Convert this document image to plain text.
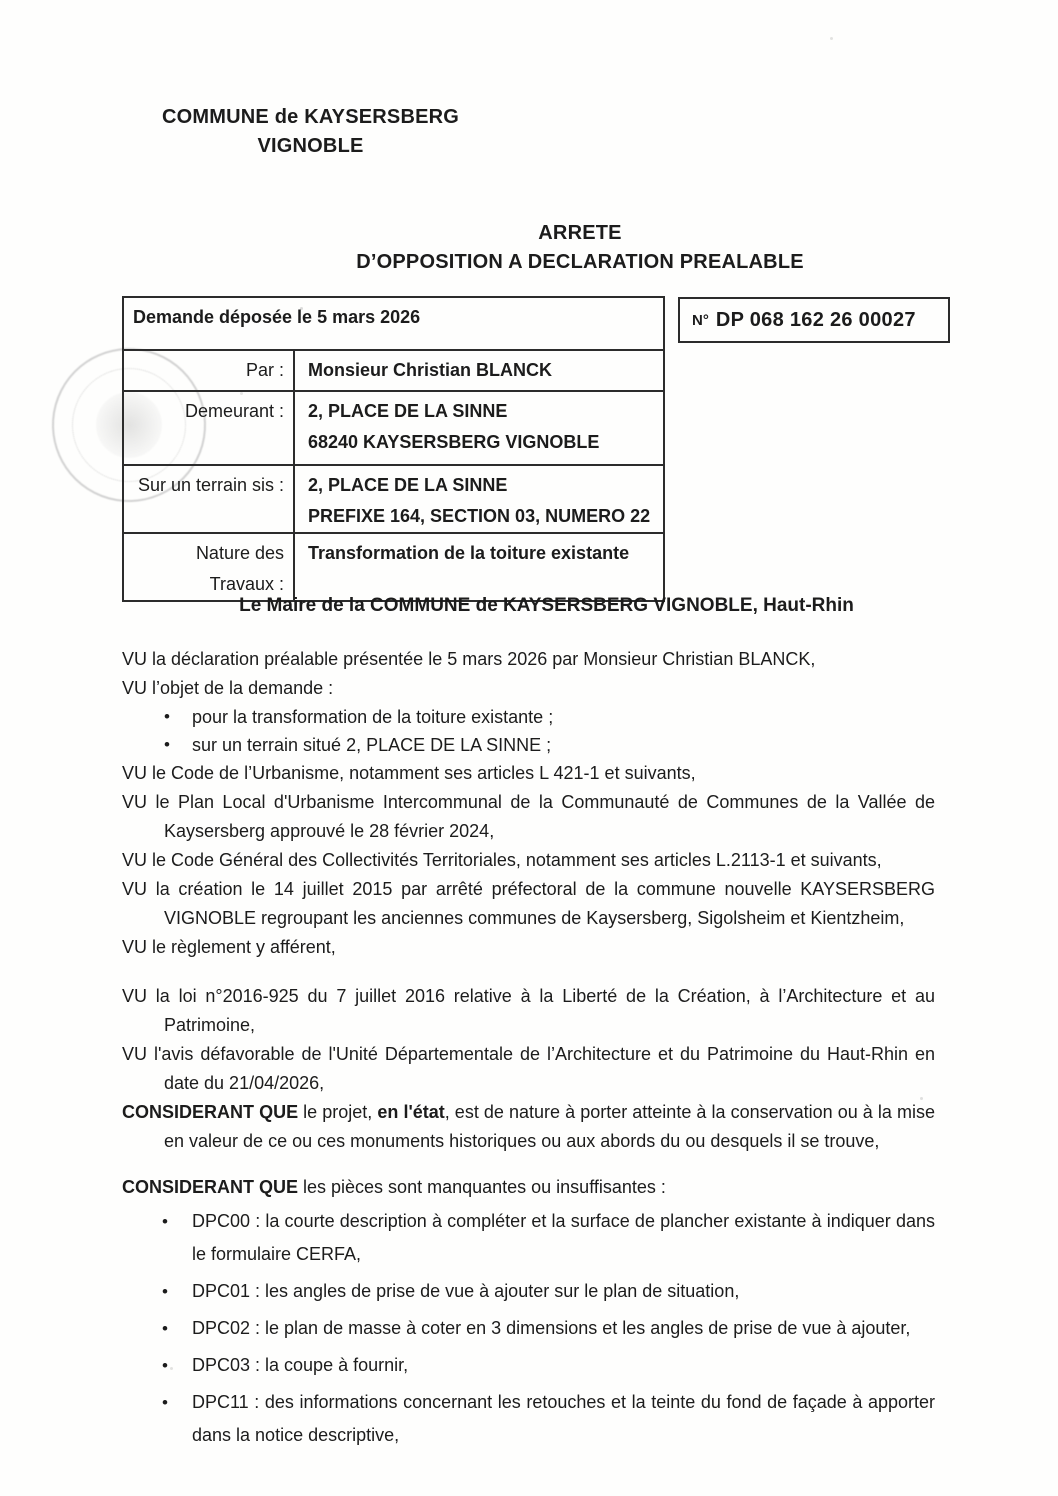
COMMUNE de KAYSERSBERG
VIGNOBLE
ARRETE
D’OPPOSITION A DECLARATION PREALABLE
Demande déposée le 5 mars 2026	
Par :	Monsieur Christian BLANCK

Demeurant :	2, PLACE DE LA SINNE
68240 KAYSERSBERG VIGNOBLE

Sur un terrain sis :	2, PLACE DE LA SINNE
PREFIXE 164, SECTION 03, NUMERO 22

Nature des Travaux :	Transformation de la toiture existante
N° DP 068 162 26 00027
Le Maire de la COMMUNE de KAYSERSBERG VIGNOBLE, Haut-Rhin

VU la déclaration préalable présentée le 5 mars 2026 par Monsieur Christian BLANCK,

VU l’objet de la demande :

• pour la transformation de la toiture existante ;
• sur un terrain situé 2, PLACE DE LA SINNE ;

VU le Code de l’Urbanisme, notamment ses articles L 421-1 et suivants,

VU le Plan Local d'Urbanisme Intercommunal de la Communauté de Communes de la Vallée de Kaysersberg approuvé le 28 février 2024,

VU le Code Général des Collectivités Territoriales, notamment ses articles L.2113-1 et suivants,

VU la création le 14 juillet 2015 par arrêté préfectoral de la commune nouvelle KAYSERSBERG VIGNOBLE regroupant les anciennes communes de Kaysersberg, Sigolsheim et Kientzheim,

VU le règlement y afférent,

VU la loi n°2016-925 du 7 juillet 2016 relative à la Liberté de la Création, à l’Architecture et au Patrimoine,

VU l'avis défavorable de l'Unité Départementale de l’Architecture et du Patrimoine du Haut-Rhin en date du 21/04/2026,

CONSIDERANT QUE le projet, en l'état, est de nature à porter atteinte à la conservation ou à la mise en valeur de ce ou ces monuments historiques ou aux abords du ou desquels il se trouve,

CONSIDERANT QUE les pièces sont manquantes ou insuffisantes :

• DPC00 : la courte description à compléter et la surface de plancher existante à indiquer dans le formulaire CERFA,
• DPC01 : les angles de prise de vue à ajouter sur le plan de situation,
• DPC02 : le plan de masse à coter en 3 dimensions et les angles de prise de vue à ajouter,
• DPC03 : la coupe à fournir,
• DPC11 : des informations concernant les retouches et la teinte du fond de façade à apporter dans la notice descriptive,
